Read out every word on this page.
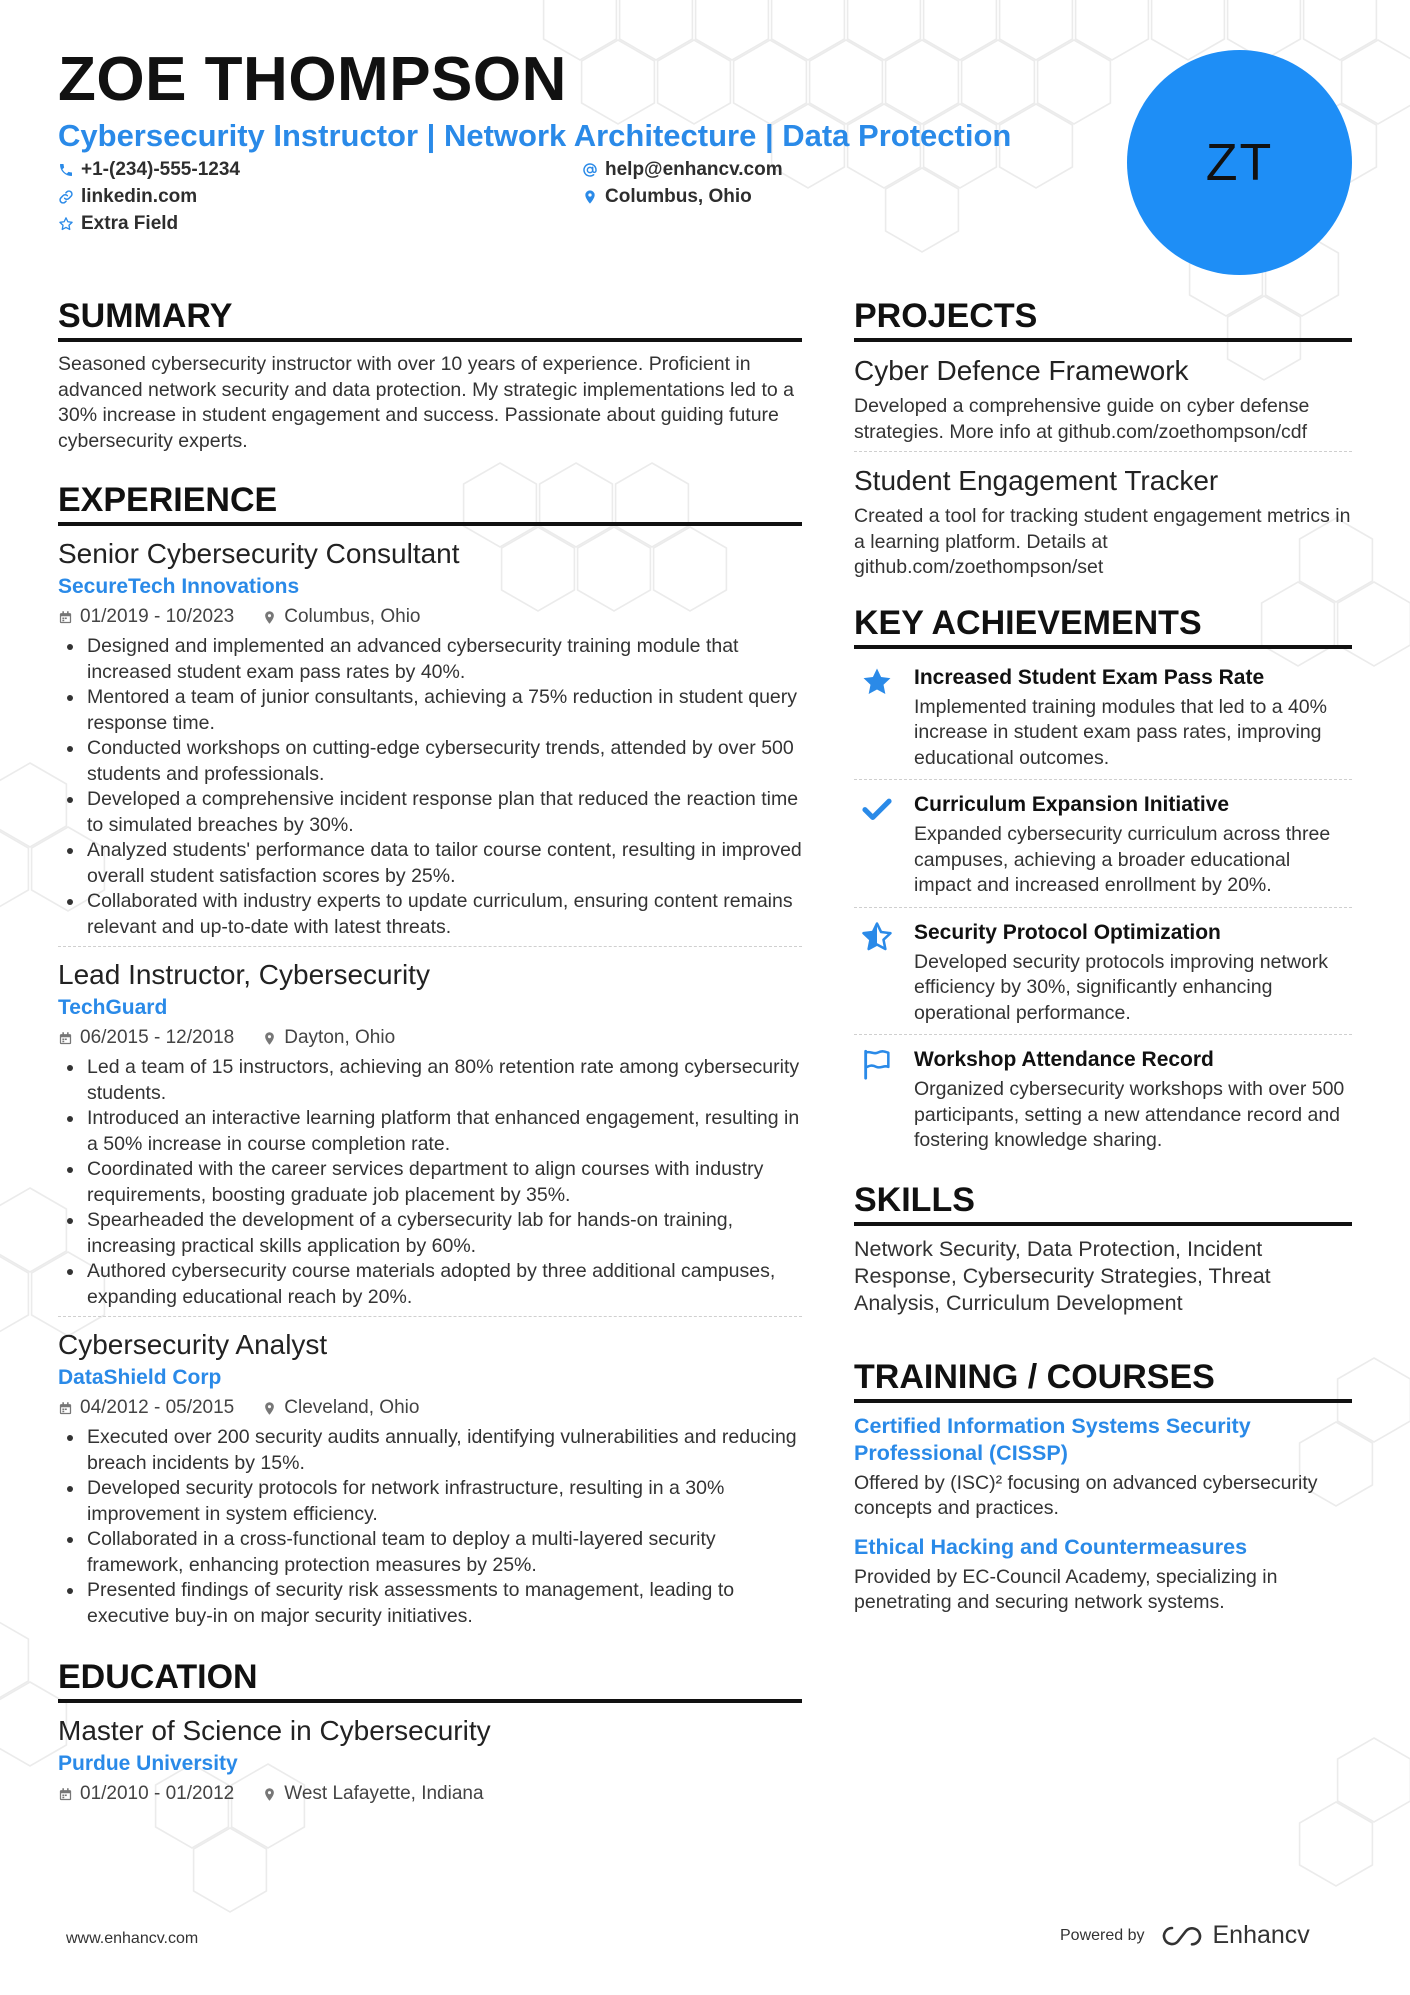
ZOE THOMPSON
Cybersecurity Instructor | Network Architecture | Data Protection
+1-(234)-555-1234	help@enhancv.com
linkedin.com	Columbus, Ohio
Extra Field
ZT
SUMMARY

Seasoned cybersecurity instructor with over 10 years of experience. Proficient in advanced network security and data protection. My strategic implementations led to a 30% increase in student engagement and success. Passionate about guiding future cybersecurity experts.

EXPERIENCE

Senior Cybersecurity Consultant

SecureTech Innovations

01/2019 - 10/2023	Columbus, Ohio
• Designed and implemented an advanced cybersecurity training module that increased student exam pass rates by 40%.
• Mentored a team of junior consultants, achieving a 75% reduction in student query response time.
• Conducted workshops on cutting-edge cybersecurity trends, attended by over 500 students and professionals.
• Developed a comprehensive incident response plan that reduced the reaction time to simulated breaches by 30%.
• Analyzed students' performance data to tailor course content, resulting in improved overall student satisfaction scores by 25%.
• Collaborated with industry experts to update curriculum, ensuring content remains relevant and up-to-date with latest threats.

Lead Instructor, Cybersecurity

TechGuard

06/2015 - 12/2018	Dayton, Ohio
• Led a team of 15 instructors, achieving an 80% retention rate among cybersecurity students.
• Introduced an interactive learning platform that enhanced engagement, resulting in a 50% increase in course completion rate.
• Coordinated with the career services department to align courses with industry requirements, boosting graduate job placement by 35%.
• Spearheaded the development of a cybersecurity lab for hands-on training, increasing practical skills application by 60%.
• Authored cybersecurity course materials adopted by three additional campuses, expanding educational reach by 20%.

Cybersecurity Analyst

DataShield Corp

04/2012 - 05/2015	Cleveland, Ohio
• Executed over 200 security audits annually, identifying vulnerabilities and reducing breach incidents by 15%.
• Developed security protocols for network infrastructure, resulting in a 30% improvement in system efficiency.
• Collaborated in a cross-functional team to deploy a multi-layered security framework, enhancing protection measures by 25%.
• Presented findings of security risk assessments to management, leading to executive buy-in on major security initiatives.
EDUCATION

Master of Science in Cybersecurity

Purdue University

01/2010 - 01/2012	West Lafayette, Indiana
PROJECTS

Cyber Defence Framework

Developed a comprehensive guide on cyber defense strategies. More info at github.com/zoethompson/cdf

Student Engagement Tracker

Created a tool for tracking student engagement metrics in a learning platform. Details at github.com/zoethompson/set

KEY ACHIEVEMENTS

Increased Student Exam Pass Rate

Implemented training modules that led to a 40% increase in student exam pass rates, improving educational outcomes.

Curriculum Expansion Initiative

Expanded cybersecurity curriculum across three campuses, achieving a broader educational impact and increased enrollment by 20%.

Security Protocol Optimization

Developed security protocols improving network efficiency by 30%, significantly enhancing operational performance.

Workshop Attendance Record

Organized cybersecurity workshops with over 500 participants, setting a new attendance record and fostering knowledge sharing.

SKILLS

Network Security, Data Protection, Incident Response, Cybersecurity Strategies, Threat Analysis, Curriculum Development

TRAINING / COURSES

Certified Information Systems Security Professional (CISSP)

Offered by (ISC)² focusing on advanced cybersecurity concepts and practices.

Ethical Hacking and Countermeasures

Provided by EC-Council Academy, specializing in penetrating and securing network systems.

www.enhancv.com	Powered by	Enhancv
